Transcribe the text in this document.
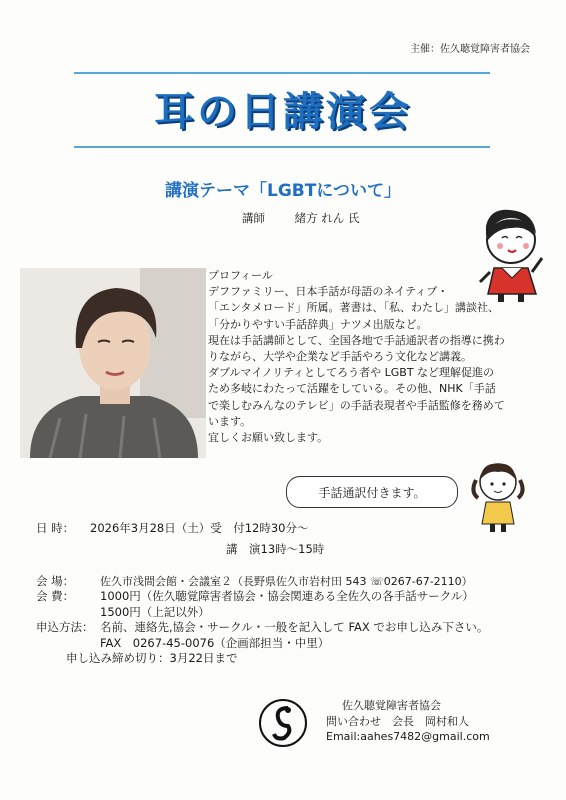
主催：佐久聴覚障害者協会
耳の日講演会
講演テーマ「LGBTについて」
講師	緒方 れん 氏

プロフィール

デフファミリー、日本手話が母語のネイティブ・

「エンタメロード」所属。著書は、「私、わたし」講談社、

「分かりやすい手話辞典」ナツメ出版など。

現在は手話講師として、全国各地で手話通訳者の指導に携わ

りながら、大学や企業など手話やろう文化など講義。

ダブルマイノリティとしてろう者や LGBT など理解促進の

ため多岐にわたって活躍をしている。その他、NHK「手話

で楽しむみんなのテレビ」の手話表現者や手話監修を務めて

います。

宜しくお願い致します。

手話通訳付きます。
日 時：	2026年3月28日（土）受　付12時30分～
講　演13時～15時
会 場：	佐久市浅間会館・会議室２（長野県佐久市岩村田 543 ☏0267-67-2110）
会 費：	1000円（佐久聴覚障害者協会・協会関連ある全佐久の各手話サークル）
1500円（上記以外）
申込方法： 名前、連絡先,協会・サークル・一般を記入して FAX でお申し込み下さい。
FAX　0267-45-0076（企画部担当・中里）
申し込み締め切り：3月22日まで
佐久聴覚障害者協会
問い合わせ　会長　岡村和人
Email:aahes7482@gmail.com
